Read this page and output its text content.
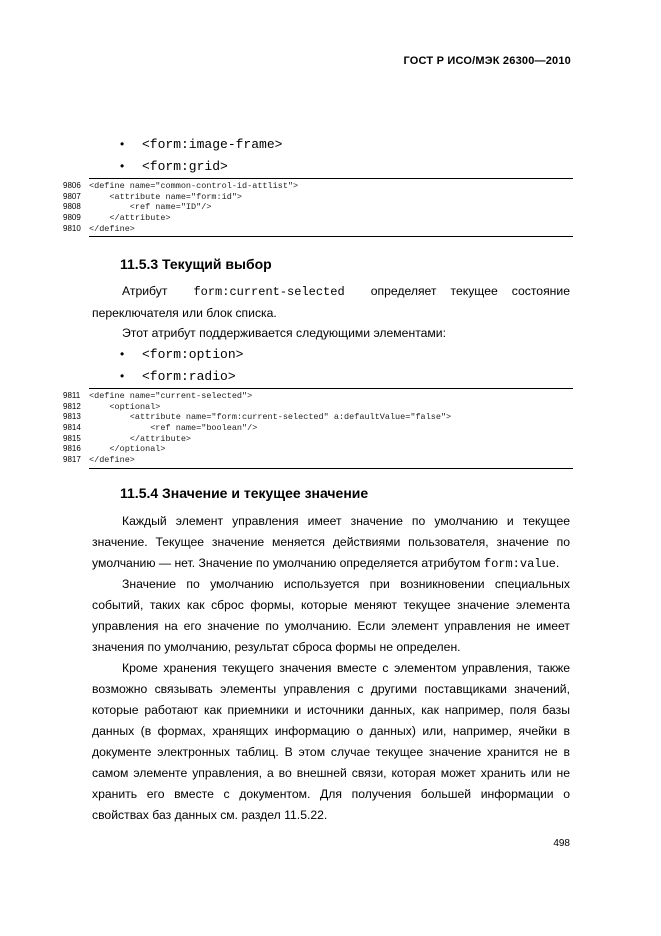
ГОСТ Р ИСО/МЭК 26300—2010
• <form:image-frame>
• <form:grid>
9806 <define name="common-control-id-attlist">
9807 <attribute name="form:id">
9808 <ref name="ID"/>
9809 </attribute>
9810 </define>
11.5.3 Текущий выбор
Атрибут form:current-selected определяет текущее состояние переключателя или блок списка.
Этот атрибут поддерживается следующими элементами:
• <form:option>
• <form:radio>
9811	<define name="current-selected">
9812 <optional>
9813 <attribute name="form:current-selected" a:defaultValue="false">
9814 <ref name="boolean"/>
9815 </attribute>
9816 </optional>
9817 </define>
11.5.4 Значение и текущее значение
Каждый элемент управления имеет значение по умолчанию и текущее значение. Текущее значение меняется действиями пользователя, значение по умолчанию — нет. Значение по умолчанию определяется атрибутом form:value.
Значение по умолчанию используется при возникновении специальных событий, таких как сброс формы, которые меняют текущее значение элемента управления на его значение по умолчанию. Если элемент управления не имеет значения по умолчанию, результат сброса формы не определен.
Кроме хранения текущего значения вместе с элементом управления, также возможно связывать элементы управления с другими поставщиками значений, которые работают как приемники и источники данных, как например, поля базы данных (в формах, хранящих информацию о данных) или, например, ячейки в документе электронных таблиц. В этом случае текущее значение хранится не в самом элементе управления, а во внешней связи, которая может хранить или не хранить его вместе с документом. Для получения большей информации о свойствах баз данных см. раздел 11.5.22.
498
